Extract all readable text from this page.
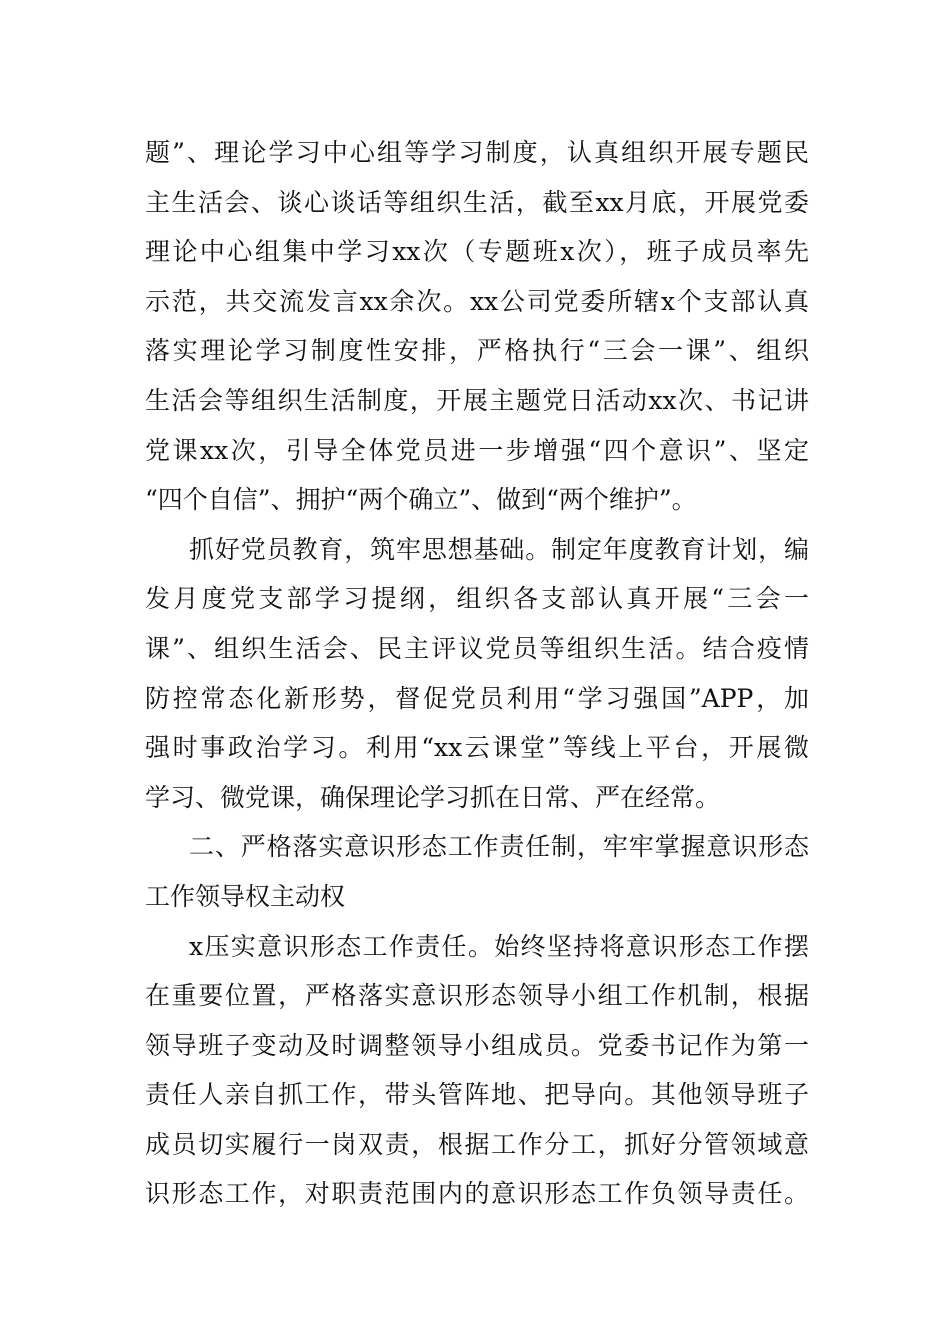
题”、理论学习中心组等学习制度，认真组织开展专题民
主生活会、谈心谈话等组织生活，截至xx月底，开展党委
理论中心组集中学习xx次（专题班x次），班子成员率先
示范，共交流发言xx余次。xx公司党委所辖x个支部认真
落实理论学习制度性安排，严格执行“三会一课”、组织
生活会等组织生活制度，开展主题党日活动xx次、书记讲
党课xx次，引导全体党员进一步增强“四个意识”、坚定
“四个自信”、拥护“两个确立”、做到“两个维护”。
抓好党员教育，筑牢思想基础。制定年度教育计划，编
发月度党支部学习提纲，组织各支部认真开展“三会一
课”、组织生活会、民主评议党员等组织生活。结合疫情
防控常态化新形势，督促党员利用“学习强国”APP，加
强时事政治学习。利用“xx云课堂”等线上平台，开展微
学习、微党课，确保理论学习抓在日常、严在经常。
二、严格落实意识形态工作责任制，牢牢掌握意识形态
工作领导权主动权
x压实意识形态工作责任。始终坚持将意识形态工作摆
在重要位置，严格落实意识形态领导小组工作机制，根据
领导班子变动及时调整领导小组成员。党委书记作为第一
责任人亲自抓工作，带头管阵地、把导向。其他领导班子
成员切实履行一岗双责，根据工作分工，抓好分管领域意
识形态工作，对职责范围内的意识形态工作负领导责任。
